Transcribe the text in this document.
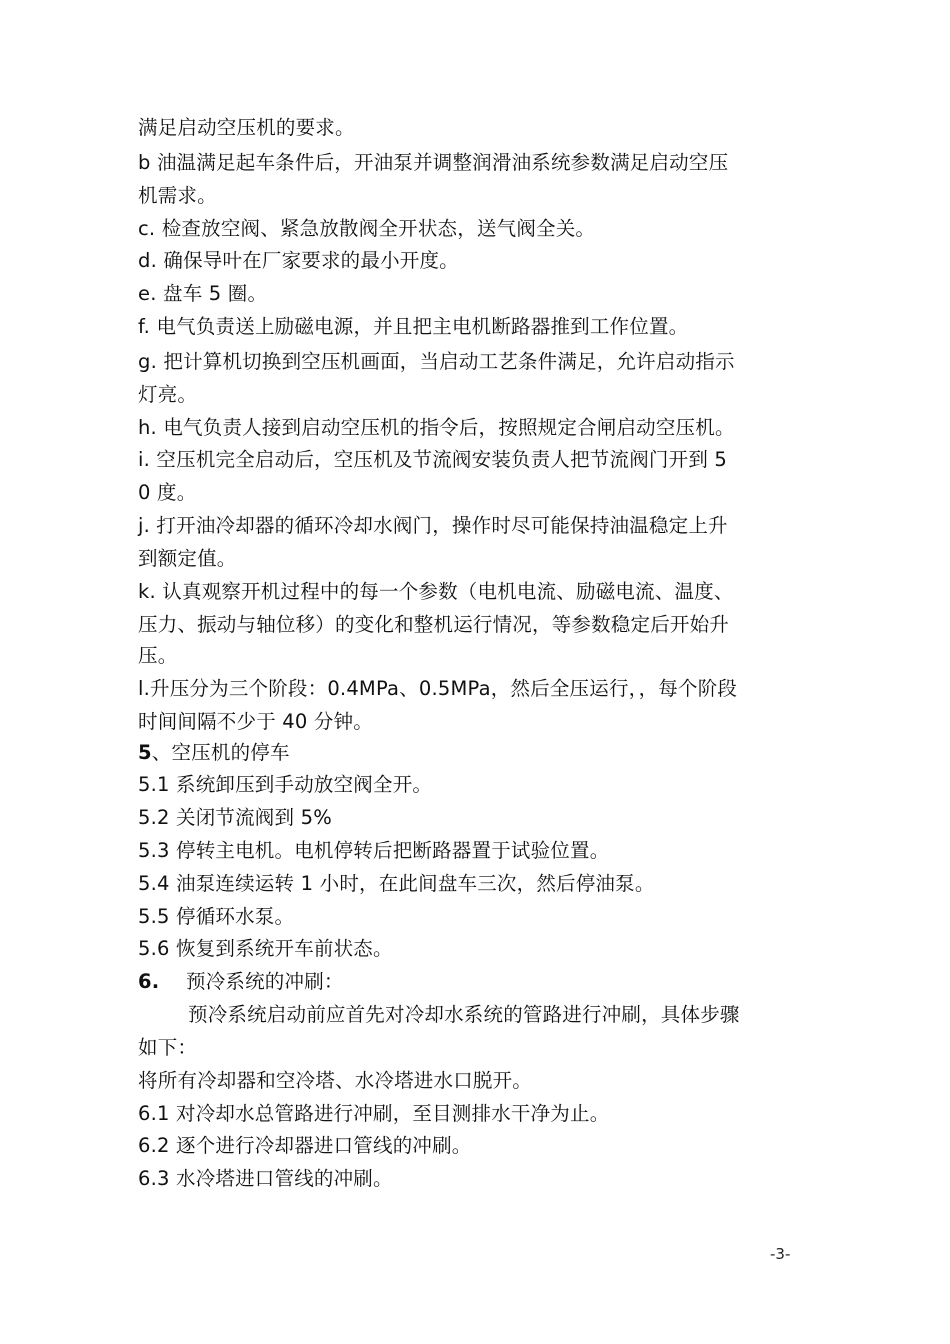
满足启动空压机的要求。
b 油温满足起车条件后，开油泵并调整润滑油系统参数满足启动空压
机需求。
c. 检查放空阀、紧急放散阀全开状态，送气阀全关。
d. 确保导叶在厂家要求的最小开度。
e. 盘车 5 圈。
f. 电气负责送上励磁电源，并且把主电机断路器推到工作位置。
g. 把计算机切换到空压机画面，当启动工艺条件满足，允许启动指示
灯亮。
h. 电气负责人接到启动空压机的指令后，按照规定合闸启动空压机。
i. 空压机完全启动后，空压机及节流阀安装负责人把节流阀门开到 5
0 度。
j. 打开油冷却器的循环冷却水阀门，操作时尽可能保持油温稳定上升
到额定值。
k. 认真观察开机过程中的每一个参数（电机电流、励磁电流、温度、
压力、振动与轴位移）的变化和整机运行情况，等参数稳定后开始升
压。
l.升压分为三个阶段：0.4MPa、0.5MPa，然后全压运行，，每个阶段
时间间隔不少于 40 分钟。
5、空压机的停车
5.1 系统卸压到手动放空阀全开。
5.2 关闭节流阀到 5%
5.3 停转主电机。电机停转后把断路器置于试验位置。
5.4 油泵连续运转 1 小时，在此间盘车三次，然后停油泵。
5.5 停循环水泵。
5.6 恢复到系统开车前状态。
6. 预冷系统的冲刷：
预冷系统启动前应首先对冷却水系统的管路进行冲刷，具体步骤
如下：
将所有冷却器和空冷塔、水冷塔进水口脱开。
6.1 对冷却水总管路进行冲刷，至目测排水干净为止。
6.2 逐个进行冷却器进口管线的冲刷。
6.3 水冷塔进口管线的冲刷。
-3-
